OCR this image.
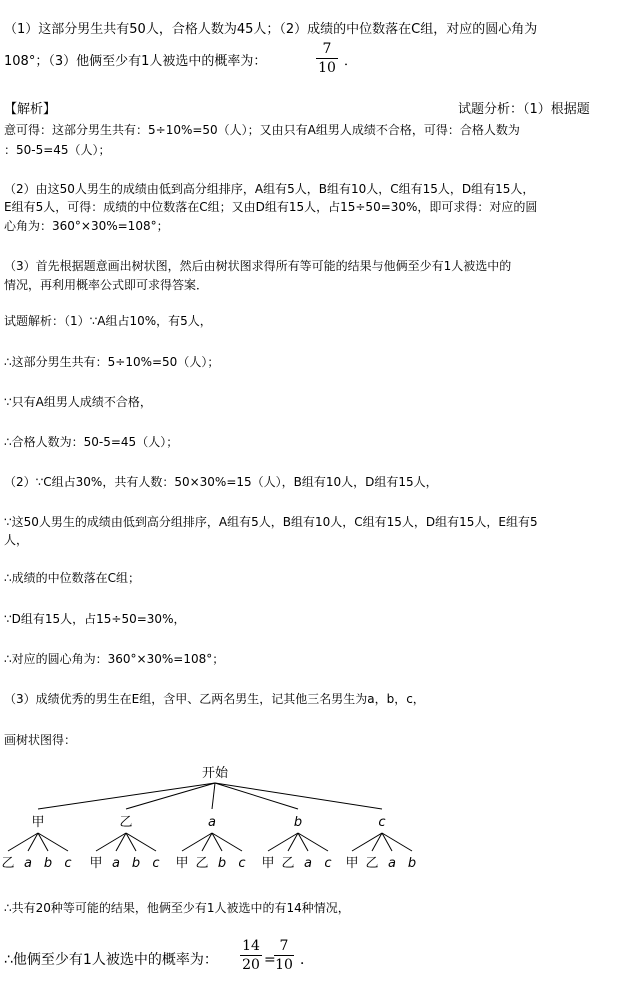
（1）这部分男生共有50人，合格人数为45人；（2）成绩的中位数落在C组，对应的圆心角为
108°；（3）他俩至少有1人被选中的概率为：
7
10 ．
【解析】	试题分析：（1）根据题
意可得：这部分男生共有：5÷10%=50（人）；又由只有A组男人成绩不合格，可得：合格人数为
：50-5=45（人）；
（2）由这50人男生的成绩由低到高分组排序，A组有5人，B组有10人，C组有15人，D组有15人，
E组有5人，可得：成绩的中位数落在C组；又由D组有15人，占15÷50=30%，即可求得：对应的圆
心角为：360°×30%=108°；
（3）首先根据题意画出树状图，然后由树状图求得所有等可能的结果与他俩至少有1人被选中的
情况，再利用概率公式即可求得答案．
试题解析：（1）∵A组占10%，有5人，
∴这部分男生共有：5÷10%=50（人）；
∵只有A组男人成绩不合格，
∴合格人数为：50-5=45（人）；
（2）∵C组占30%，共有人数：50×30%=15（人），B组有10人，D组有15人，
∵这50人男生的成绩由低到高分组排序，A组有5人，B组有10人，C组有15人，D组有15人，E组有5
人，
∴成绩的中位数落在C组；
∵D组有15人，占15÷50=30%，
∴对应的圆心角为：360°×30%=108°；
（3）成绩优秀的男生在E组，含甲、乙两名男生，记其他三名男生为a，b，c，
画树状图得：
开始
甲
乙 a b c
乙
甲 a b c
a
甲 乙 b c
b
甲 乙 a c
c
甲 乙 a b
∴共有20种等可能的结果，他俩至少有1人被选中的有14种情况，
∴他俩至少有1人被选中的概率为：
14
20 =
7
10 ．
